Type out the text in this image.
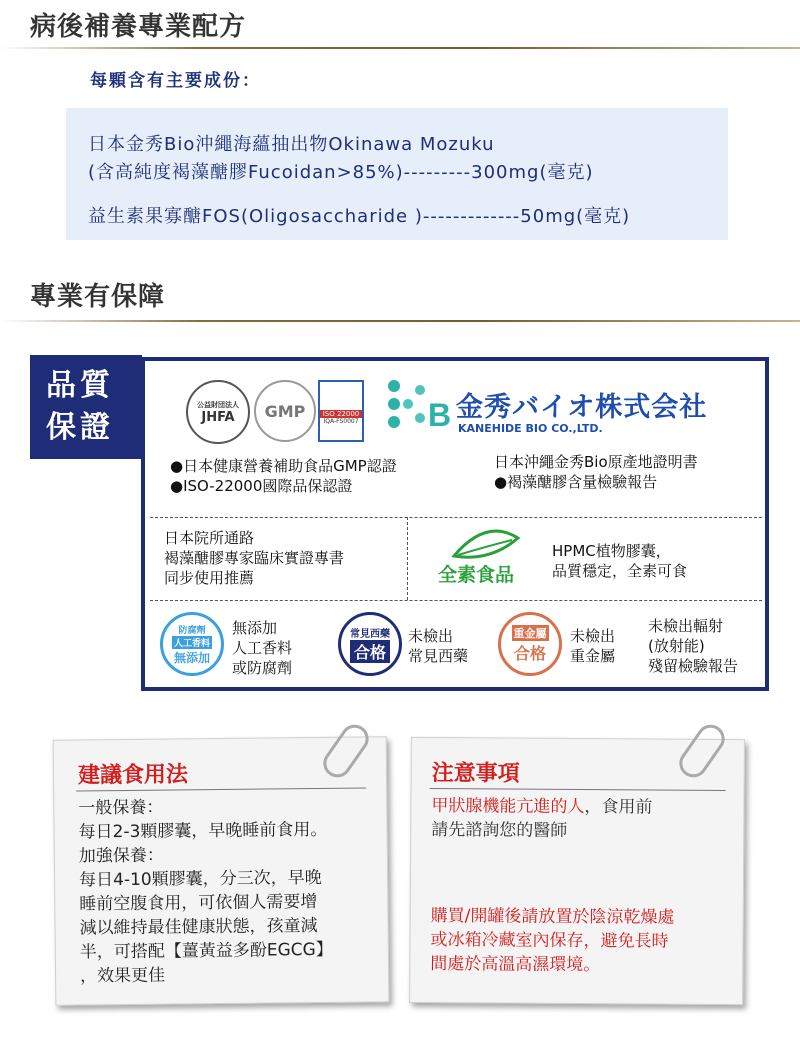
病後補養專業配方
每顆含有主要成份：
日本金秀Bio沖繩海蘊抽出物Okinawa Mozuku
(含高純度褐藻醣膠Fucoidan>85%)---------300mg(毫克)
益生素果寡醣FOS(Oligosaccharide )-------------50mg(毫克)
專業有保障
品質
保證
公益財団法人
JHFA GMP	ISO 22000
IQA-FS0007 B 金秀バイオ株式会社
KANEHIDE BIO CO.,LTD.
●日本健康營養補助食品GMP認證
●ISO-22000國際品保認證
日本沖繩金秀Bio原產地證明書
●褐藻醣膠含量檢驗報告
日本院所通路
褐藻醣膠專家臨床實證專書
同步使用推薦	全素食品
HPMC植物膠囊，
品質穩定，全素可食
防腐劑
人工香料
無添加
無添加
人工香料
或防腐劑
常見西藥
合格
未檢出
常見西藥
重金屬
合格
未檢出
重金屬
未檢出輻射
(放射能)
殘留檢驗報告
建議食用法
一般保養：
每日2-3顆膠囊，早晚睡前食用。
加強保養：
每日4-10顆膠囊，分三次，早晚
睡前空腹食用，可依個人需要增
減以維持最佳健康狀態，孩童減
半，可搭配【薑黃益多酚EGCG】
，效果更佳
注意事項
甲狀腺機能亢進的人，食用前
請先諮詢您的醫師
購買/開罐後請放置於陰涼乾燥處
或冰箱冷藏室內保存，避免長時
間處於高溫高濕環境。
